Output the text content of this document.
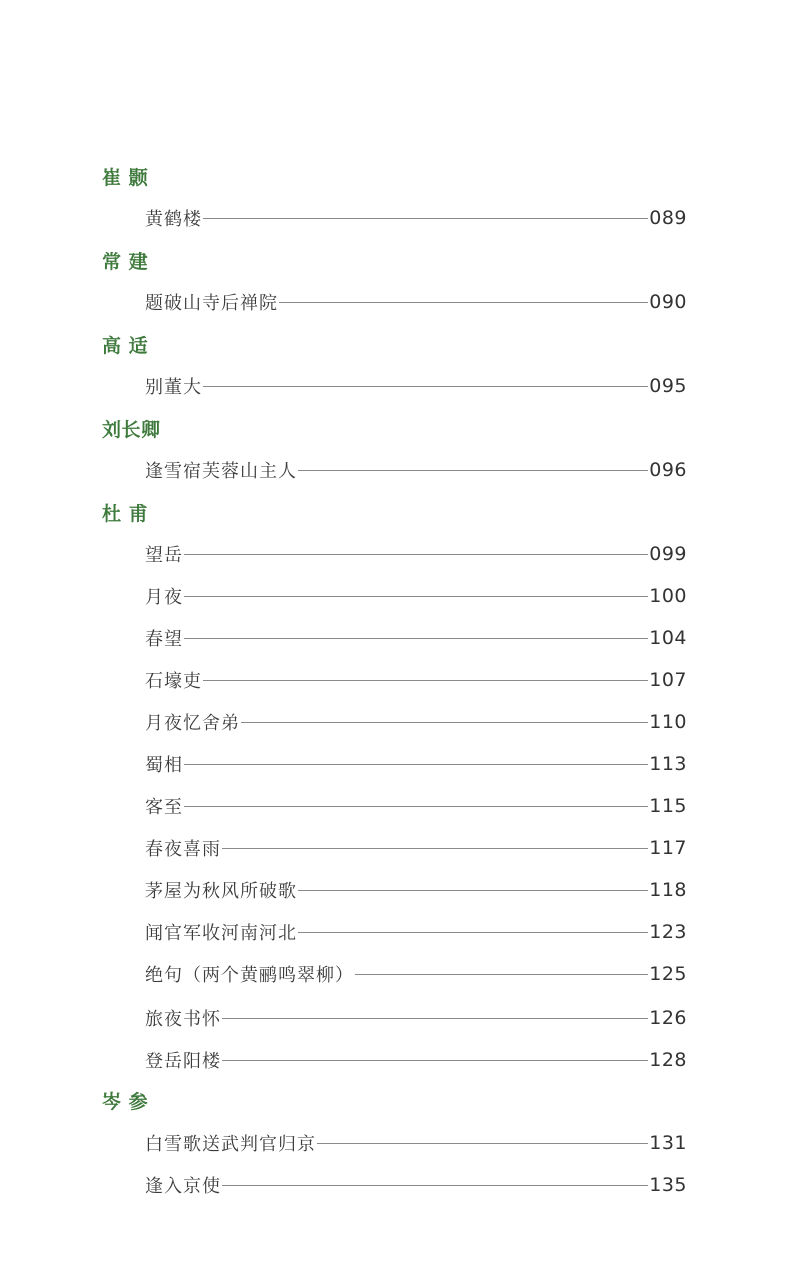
崔 颢
黄鹤楼	089
常 建
题破山寺后禅院	090
高 适
别董大	095
刘长卿
逢雪宿芙蓉山主人	096
杜 甫
望岳	099
月夜	100
春望	104
石壕吏	107
月夜忆舍弟	110
蜀相	113
客至	115
春夜喜雨	117
茅屋为秋风所破歌	118
闻官军收河南河北	123
绝句（两个黄鹂鸣翠柳）	125
旅夜书怀	126
登岳阳楼	128
岑 参
白雪歌送武判官归京	131
逢入京使	135
